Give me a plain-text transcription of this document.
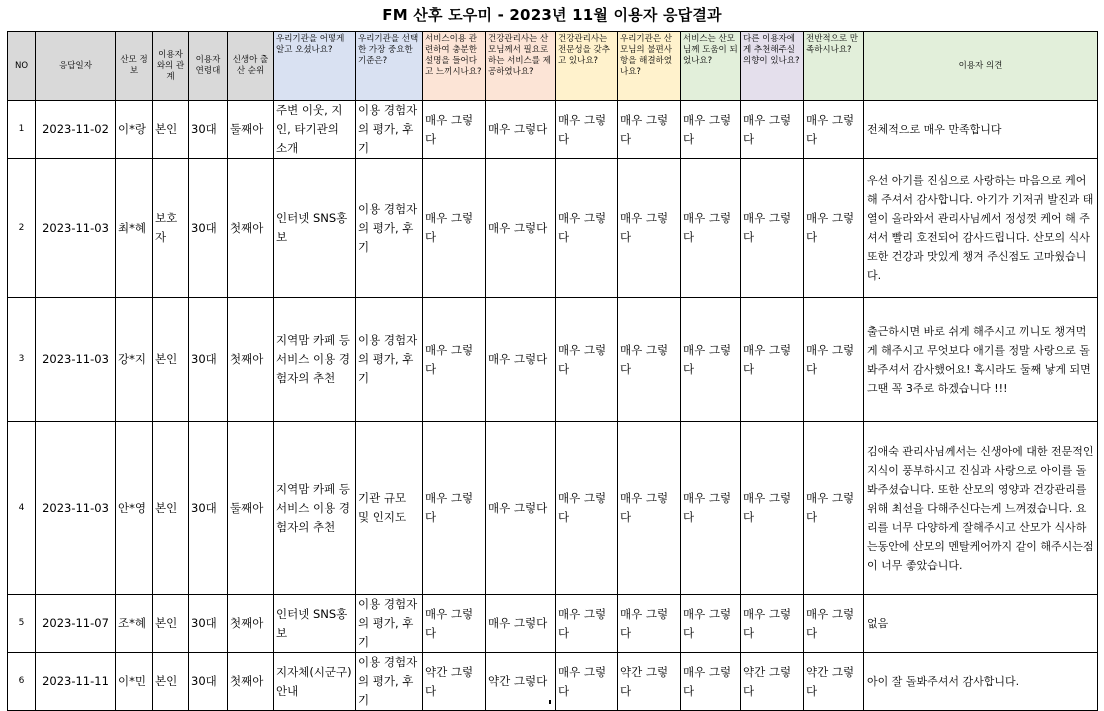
FM 산후 도우미 - 2023년 11월 이용자 응답결과
NO	응답일자	산모 정보	이용자와의 관계	이용자 연령대	신생아 출산 순위	우리기관을 어떻게 알고 오셨나요?	우리기관을 선택한 가장 중요한 기준은?	서비스이용 관련하여 충분한 설명을 들어다고 느끼시나요?	건강관리사는 산모님께서 필요로 하는 서비스를 제공하였나요?	건강관리사는 전문성을 갖추고 있나요?	우리기관은 산모님의 불편사항을 해결하였나요?	서비스는 산모님께 도움이 되었나요?	다른 이용자에게 추천해주실 의향이 있나요?	전반적으로 만족하시나요?	이용자 의견
1	2023-11-02	이*랑	본인	30대	둘째아	주변 이웃, 지인, 타기관의 소개	이용 경험자의 평가, 후기	매우 그렇다	매우 그렇다	매우 그렇다	매우 그렇다	매우 그렇다	매우 그렇다	매우 그렇다	전체적으로 매우 만족합니다
2	2023-11-03	최*혜	보호자	30대	첫째아	인터넷 SNS홍보	이용 경험자의 평가, 후기	매우 그렇다	매우 그렇다	매우 그렇다	매우 그렇다	매우 그렇다	매우 그렇다	매우 그렇다	우선 아기를 진심으로 사랑하는 마음으로 케어 해 주셔서 감사합니다. 아기가 기저귀 발진과 태열이 올라와서 관리사님께서 정성껏 케어 해 주셔서 빨리 호전되어 감사드립니다. 산모의 식사 또한 건강과 맛있게 챙겨 주신점도 고마웠습니다.
3	2023-11-03	강*지	본인	30대	첫째아	지역맘 카페 등 서비스 이용 경험자의 추천	이용 경험자의 평가, 후기	매우 그렇다	매우 그렇다	매우 그렇다	매우 그렇다	매우 그렇다	매우 그렇다	매우 그렇다	출근하시면 바로 쉬게 해주시고 끼니도 챙겨먹게 해주시고 무엇보다 애기를 정말 사랑으로 돌봐주셔서 감사했어요! 혹시라도 둘째 낳게 되면 그땐 꼭 3주로 하겠습니다 !!!
4	2023-11-03	안*영	본인	30대	둘째아	지역맘 카페 등 서비스 이용 경험자의 추천	기관 규모 및 인지도	매우 그렇다	매우 그렇다	매우 그렇다	매우 그렇다	매우 그렇다	매우 그렇다	매우 그렇다	김애숙 관리사님께서는 신생아에 대한 전문적인 지식이 풍부하시고 진심과 사랑으로 아이를 돌봐주셨습니다. 또한 산모의 영양과 건강관리를 위해 최선을 다해주신다는게 느껴졌습니다. 요리를 너무 다양하게 잘해주시고 산모가 식사하는동안에 산모의 멘탈케어까지 같이 해주시는점이 너무 좋았습니다.
5	2023-11-07	조*혜	본인	30대	첫째아	인터넷 SNS홍보	이용 경험자의 평가, 후기	매우 그렇다	매우 그렇다	매우 그렇다	매우 그렇다	매우 그렇다	매우 그렇다	매우 그렇다	없음
6	2023-11-11	이*민	본인	30대	첫째아	지자체(시군구) 안내	이용 경험자의 평가, 후기	약간 그렇다	약간 그렇다	매우 그렇다	약간 그렇다	매우 그렇다	약간 그렇다	약간 그렇다	아이 잘 돌봐주셔서 감사합니다.
